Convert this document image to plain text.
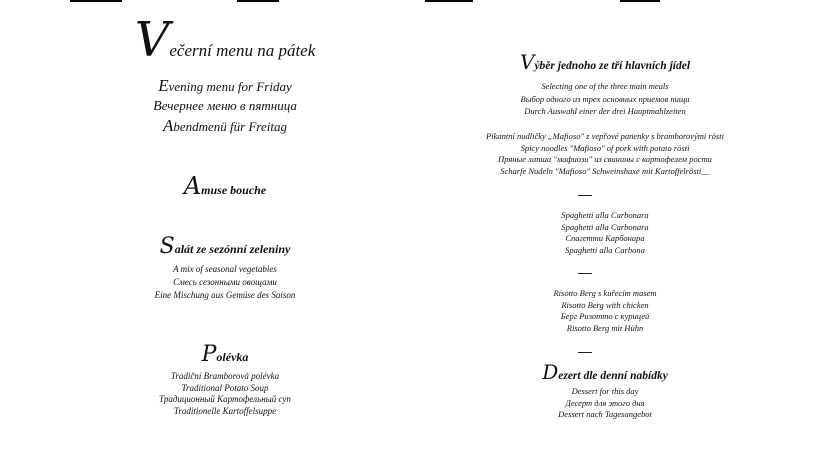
Večerní menu na pátek
Evening menu for Friday
Вечернее меню в пятница
Abendmenü für Freitag
Amuse bouche
Salát ze sezónní zeleniny
A mix of seasonal vegetables
Смесь сезонными овощами
Eine Mischung aus Gemüse des Saison
Polévka
Tradiční Bramborová polévka
Traditional Potato Soup
Традиционный Картофельный суп
Traditionelle Kartoffelsuppe
Výběr jednoho ze tří hlavních jídel
Selecting one of the three main meals
Выбор одного из трех основных приемов пищи
Durch Auswahl einer der drei Hauptmahlzeiten
Pikantní nudličky „Mafioso" z vepřové panenky s bramborovými rösti
Spicy noodles "Mafioso" of pork with potato rösti
Пряные лапша "мафиози" из свинины с картофелем рости
Scharfe Nudeln "Mafioso" Schweinshaxe mit Kartoffelrösti__
Spaghetti alla Carbonara
Spaghetti alla Carbonara
Спагетти Карбонара
Spaghetti alla Carbona
Risotto Berg s kuřecím masem
Risotto Berg with chicken
Берг Ризотто с курицей
Risotto Berg mit Hühn
Dezert dle denní nabídky
Dessert for this day
Десерт для этого дня
Dessert nach Tagesangebot
